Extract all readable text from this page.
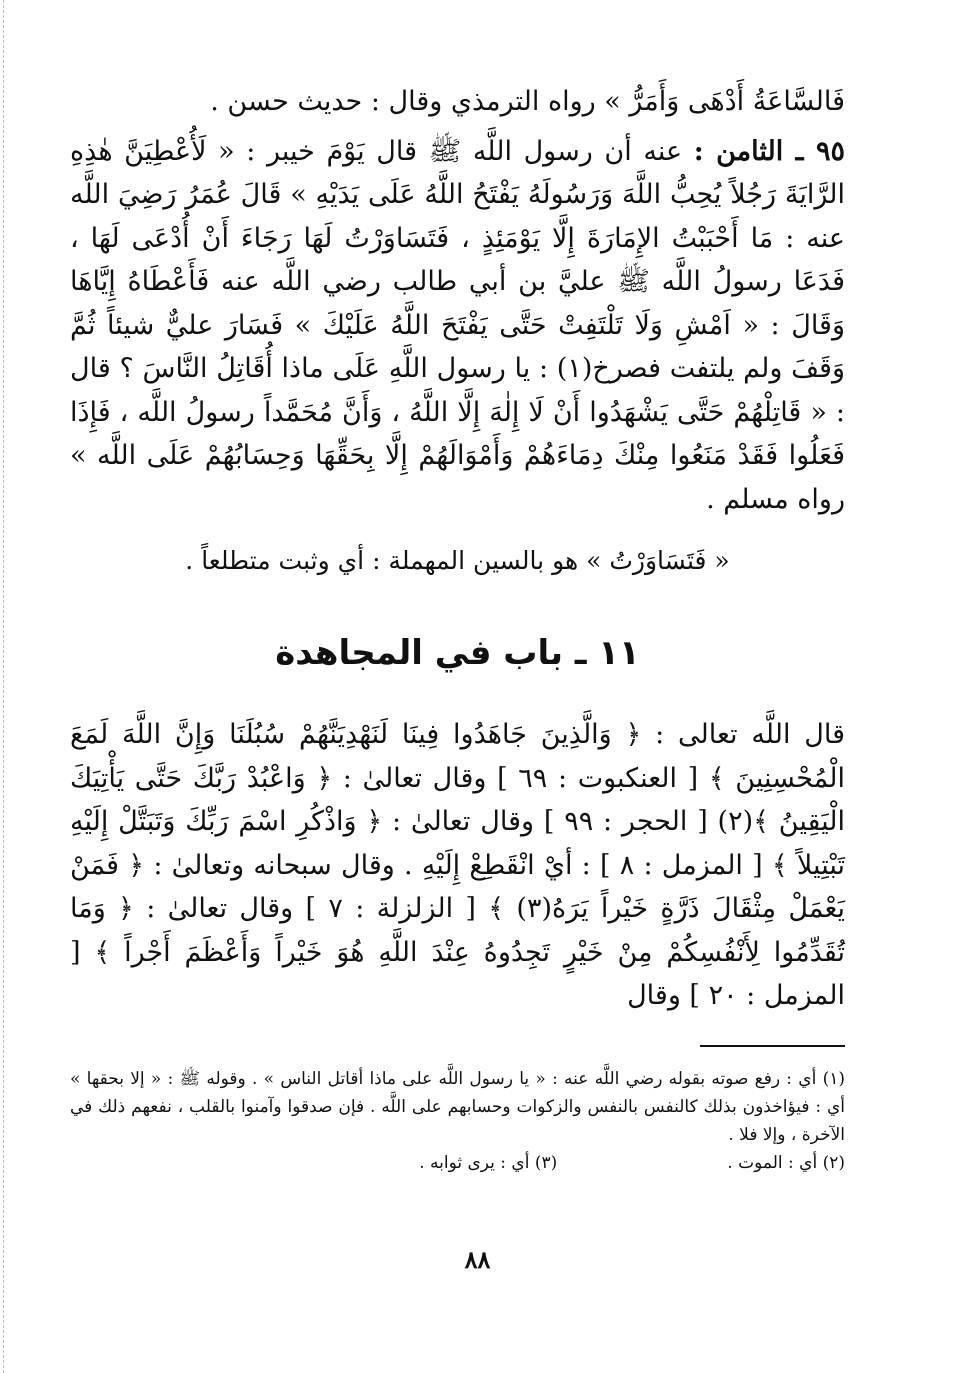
فَالسَّاعَةُ أَدْهَى وَأَمَرُّ » رواه الترمذي وقال : حديث حسن .

٩٥ ـ الثامن : عنه أن رسول اللَّه ﷺ قال يَوْمَ خيبر : « لَأُعْطِيَنَّ هٰذِهِ الرَّايَةَ رَجُلاً يُحِبُّ اللَّهَ وَرَسُولَهُ يَفْتَحُ اللَّهُ عَلَى يَدَيْهِ » قَالَ عُمَرُ رَضِيَ اللَّه عنه : مَا أَحْبَبْتُ الإِمَارَةَ إِلَّا يَوْمَئِذٍ ، فَتَسَاوَرْتُ لَهَا رَجَاءَ أَنْ أُدْعَى لَهَا ، فَدَعَا رسولُ اللَّه ﷺ عليَّ بن أبي طالب رضي اللَّه عنه فَأَعْطَاهُ إِيَّاهَا وَقَالَ : « اَمْشِ وَلَا تَلْتَفِتْ حَتَّى يَفْتَحَ اللَّهُ عَلَيْكَ » فَسَارَ عليٌّ شيئاً ثُمَّ وَقَفَ ولم يلتفت فصرخ(١) : يا رسول اللَّهِ عَلَى ماذا أُقَاتِلُ النَّاسَ ؟ قال : « قَاتِلْهُمْ حَتَّى يَشْهَدُوا أَنْ لَا إِلٰهَ إِلَّا اللَّهُ ، وَأَنَّ مُحَمَّداً رسولُ اللَّه ، فَإِذَا فَعَلُوا فَقَدْ مَنَعُوا مِنْكَ دِمَاءَهُمْ وَأَمْوَالَهُمْ إِلَّا بِحَقِّهَا وَحِسَابُهُمْ عَلَى اللَّه » رواه مسلم .

« فَتَسَاوَرْتُ » هو بالسين المهملة : أي وثبت متطلعاً .
١١ ـ باب في المجاهدة

قال اللَّه تعالى : ﴿ وَالَّذِينَ جَاهَدُوا فِينَا لَنَهْدِيَنَّهُمْ سُبُلَنَا وَإِنَّ اللَّهَ لَمَعَ الْمُحْسِنِينَ ﴾ [ العنكبوت : ٦٩ ] وقال تعالىٰ : ﴿ وَاعْبُدْ رَبَّكَ حَتَّى يَأْتِيَكَ الْيَقِينُ ﴾(٢) [ الحجر : ٩٩ ] وقال تعالىٰ : ﴿ وَاذْكُرِ اسْمَ رَبِّكَ وَتَبَتَّلْ إِلَيْهِ تَبْتِيلاً ﴾ [ المزمل : ٨ ] : أيْ انْقَطِعْ إِلَيْهِ . وقال سبحانه وتعالىٰ : ﴿ فَمَنْ يَعْمَلْ مِثْقَالَ ذَرَّةٍ خَيْراً يَرَهُ(٣) ﴾ [ الزلزلة : ٧ ] وقال تعالىٰ : ﴿ وَمَا تُقَدِّمُوا لِأَنْفُسِكُمْ مِنْ خَيْرٍ تَجِدُوهُ عِنْدَ اللَّهِ هُوَ خَيْراً وَأَعْظَمَ أَجْراً ﴾ [ المزمل : ٢٠ ] وقال

(١) أي : رفع صوته بقوله رضي اللَّه عنه : « يا رسول اللَّه على ماذا أقاتل الناس » . وقوله ﷺ : « إلا بحقها » أي : فيؤاخذون بذلك كالنفس بالنفس والزكوات وحسابهم على اللَّه . فإن صدقوا وآمنوا بالقلب ، نفعهم ذلك في الآخرة ، وإلا فلا .
(٢) أي : الموت .
(٣) أي : يرى ثوابه .
٨٨
